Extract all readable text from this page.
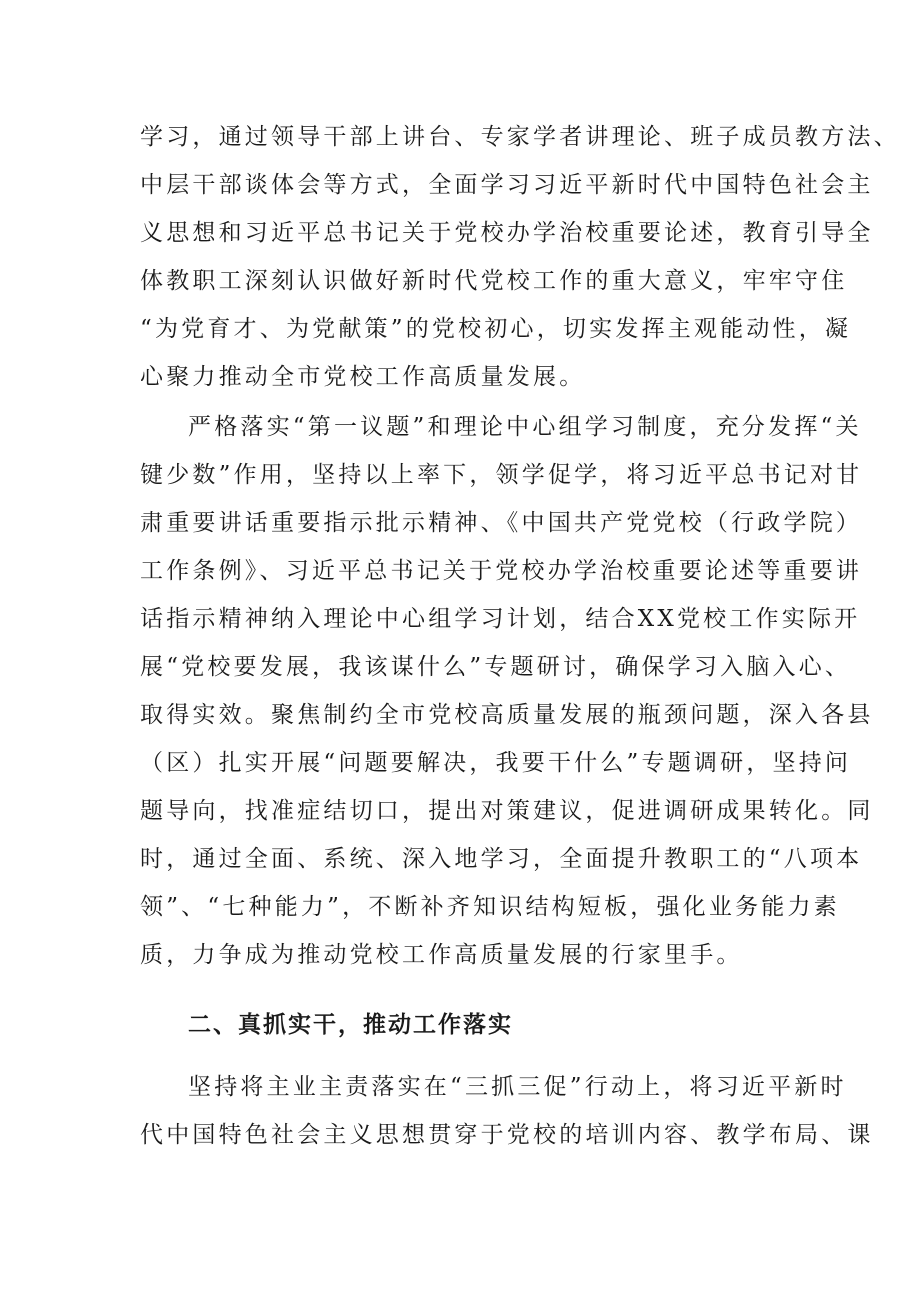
学习，通过领导干部上讲台、专家学者讲理论、班子成员教方法、
中层干部谈体会等方式，全面学习习近平新时代中国特色社会主
义思想和习近平总书记关于党校办学治校重要论述，教育引导全
体教职工深刻认识做好新时代党校工作的重大意义，牢牢守住
“为党育才、为党献策”的党校初心，切实发挥主观能动性，凝
心聚力推动全市党校工作高质量发展。
严格落实“第一议题”和理论中心组学习制度，充分发挥“关
键少数”作用，坚持以上率下，领学促学，将习近平总书记对甘
肃重要讲话重要指示批示精神、《中国共产党党校（行政学院）
工作条例》、习近平总书记关于党校办学治校重要论述等重要讲
话指示精神纳入理论中心组学习计划，结合XX党校工作实际开
展“党校要发展，我该谋什么”专题研讨，确保学习入脑入心、
取得实效。聚焦制约全市党校高质量发展的瓶颈问题，深入各县
（区）扎实开展“问题要解决，我要干什么”专题调研，坚持问
题导向，找准症结切口，提出对策建议，促进调研成果转化。同
时，通过全面、系统、深入地学习，全面提升教职工的“八项本
领”、“七种能力”，不断补齐知识结构短板，强化业务能力素
质，力争成为推动党校工作高质量发展的行家里手。
二、真抓实干，推动工作落实
坚持将主业主责落实在“三抓三促”行动上，将习近平新时
代中国特色社会主义思想贯穿于党校的培训内容、教学布局、课
